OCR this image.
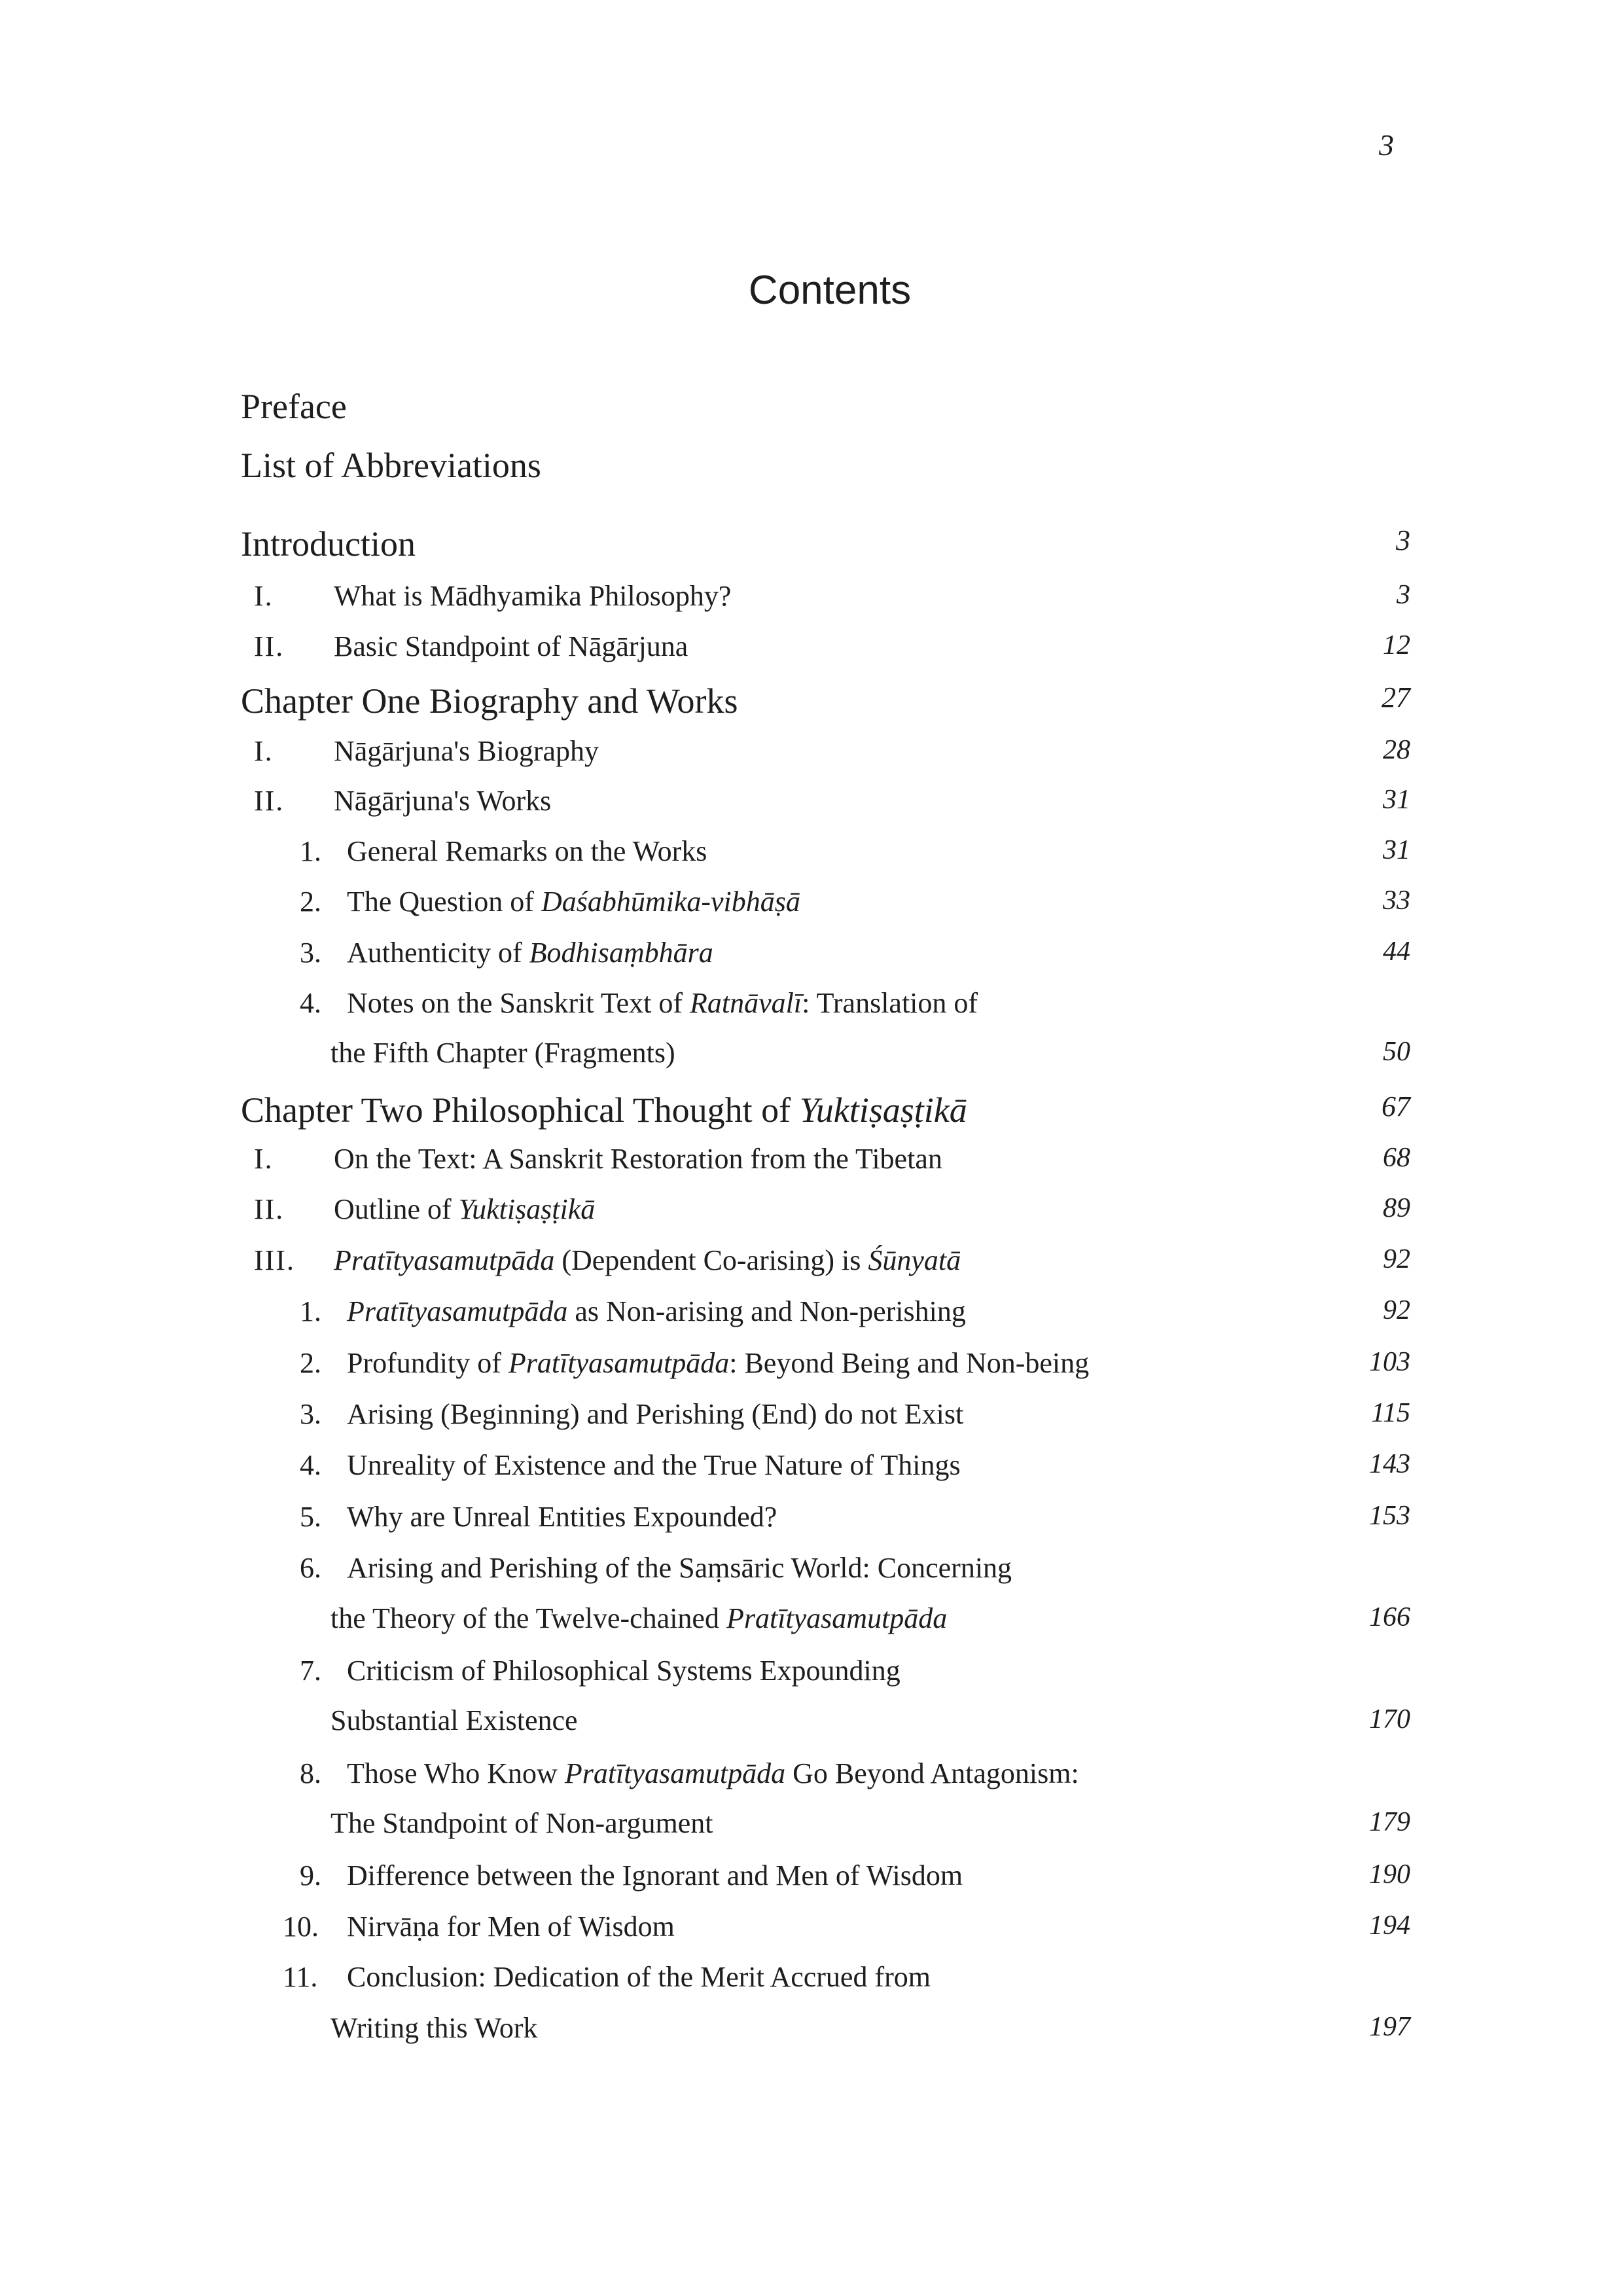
3
Contents
Preface
List of Abbreviations
Introduction	3
I. What is Mādhyamika Philosophy?	3
II. Basic Standpoint of Nāgārjuna	12
Chapter One Biography and Works	27
I. Nāgārjuna's Biography	28
II. Nāgārjuna's Works	31
1. General Remarks on the Works	31
2. The Question of Daśabhūmika-vibhāṣā	33
3. Authenticity of Bodhisaṃbhāra	44
4. Notes on the Sanskrit Text of Ratnāvalī: Translation of
the Fifth Chapter (Fragments)	50
Chapter Two Philosophical Thought of Yuktiṣaṣṭikā	67
I. On the Text: A Sanskrit Restoration from the Tibetan	68
II. Outline of Yuktiṣaṣṭikā	89
III. Pratītyasamutpāda (Dependent Co-arising) is Śūnyatā	92
1. Pratītyasamutpāda as Non-arising and Non-perishing	92
2. Profundity of Pratītyasamutpāda: Beyond Being and Non-being	103
3. Arising (Beginning) and Perishing (End) do not Exist	115
4. Unreality of Existence and the True Nature of Things	143
5. Why are Unreal Entities Expounded?	153
6. Arising and Perishing of the Saṃsāric World: Concerning
the Theory of the Twelve-chained Pratītyasamutpāda	166
7. Criticism of Philosophical Systems Expounding
Substantial Existence	170
8. Those Who Know Pratītyasamutpāda Go Beyond Antagonism:
The Standpoint of Non-argument	179
9. Difference between the Ignorant and Men of Wisdom	190
10. Nirvāṇa for Men of Wisdom	194
11. Conclusion: Dedication of the Merit Accrued from
Writing this Work	197
